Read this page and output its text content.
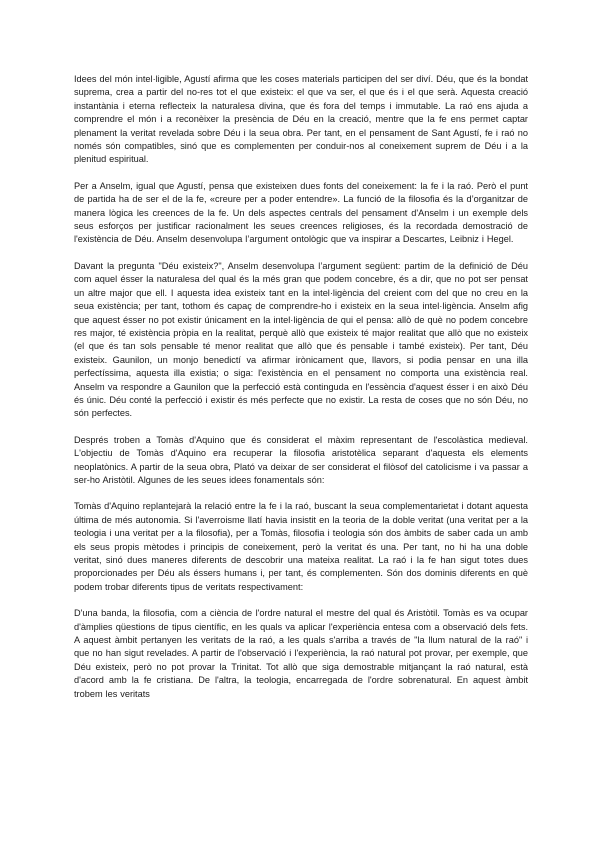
Idees del món intel·ligible, Agustí afirma que les coses materials participen del ser diví. Déu, que és la bondat suprema, crea a partir del no-res tot el que existeix: el que va ser, el que és i el que serà. Aquesta creació instantània i eterna reflecteix la naturalesa divina, que és fora del temps i immutable. La raó ens ajuda a comprendre el món i a reconèixer la presència de Déu en la creació, mentre que la fe ens permet captar plenament la veritat revelada sobre Déu i la seua obra. Per tant, en el pensament de Sant Agustí, fe i raó no només són compatibles, sinó que es complementen per conduir-nos al coneixement suprem de Déu i a la plenitud espiritual.

Per a Anselm, igual que Agustí, pensa que existeixen dues fonts del coneixement: la fe i la raó. Però el punt de partida ha de ser el de la fe, «creure per a poder entendre». La funció de la filosofia és la d’organitzar de manera lògica les creences de la fe. Un dels aspectes centrals del pensament d'Anselm i un exemple dels seus esforços per justificar racionalment les seues creences religioses, és la recordada demostració de l'existència de Déu. Anselm desenvolupa l’argument ontològic que va inspirar a Descartes, Leibniz i Hegel.

Davant la pregunta "Déu existeix?", Anselm desenvolupa l’argument següent: partim de la definició de Déu com aquel ésser la naturalesa del qual és la més gran que podem concebre, és a dir, que no pot ser pensat un altre major que ell. I aquesta idea existeix tant en la intel·ligència del creient com del que no creu en la seua existència; per tant, tothom és capaç de comprendre-ho i existeix en la seua intel·ligència. Anselm afig que aquest ésser no pot existir únicament en la intel·ligència de qui el pensa: allò de què no podem concebre res major, té existència pròpia en la realitat, perquè allò que existeix té major realitat que allò que no existeix (el que és tan sols pensable té menor realitat que allò que és pensable i també existeix). Per tant, Déu existeix. Gaunilon, un monjo benedictí va afirmar irònicament que, llavors, si podia pensar en una illa perfectíssima, aquesta illa existia; o siga: l'existència en el pensament no comporta una existència real. Anselm va respondre a Gaunilon que la perfecció està continguda en l'essència d'aquest ésser i en això Déu és únic. Déu conté la perfecció i existir és més perfecte que no existir. La resta de coses que no són Déu, no són perfectes.

Després troben a Tomàs d'Aquino que és considerat el màxim representant de l'escolàstica medieval. L'objectiu de Tomàs d'Aquino era recuperar la filosofia aristotèlica separant d'aquesta els elements neoplatònics. A partir de la seua obra, Plató va deixar de ser considerat el filòsof del catolicisme i va passar a ser-ho Aristòtil. Algunes de les seues idees fonamentals són:

Tomàs d'Aquino replantejarà la relació entre la fe i la raó, buscant la seua complementarietat i dotant aquesta última de més autonomia. Si l'averroisme llatí havia insistit en la teoria de la doble veritat (una veritat per a la teologia i una veritat per a la filosofia), per a Tomàs, filosofia i teologia són dos àmbits de saber cada un amb els seus propis mètodes i principis de coneixement, però la veritat és una. Per tant, no hi ha una doble veritat, sinó dues maneres diferents de descobrir una mateixa realitat. La raó i la fe han sigut totes dues proporcionades per Déu als éssers humans i, per tant, és complementen. Són dos dominis diferents en què podem trobar diferents tipus de veritats respectivament:

D'una banda, la filosofia, com a ciència de l'ordre natural el mestre del qual és Aristòtil. Tomàs es va ocupar d'àmplies qüestions de tipus científic, en les quals va aplicar l'experiència entesa com a observació dels fets. A aquest àmbit pertanyen les veritats de la raó, a les quals s'arriba a través de "la llum natural de la raó" i que no han sigut revelades. A partir de l'observació i l'experiència, la raó natural pot provar, per exemple, que Déu existeix, però no pot provar la Trinitat. Tot allò que siga demostrable mitjançant la raó natural, està d'acord amb la fe cristiana. De l'altra, la teologia, encarregada de l'ordre sobrenatural. En aquest àmbit trobem les veritats
